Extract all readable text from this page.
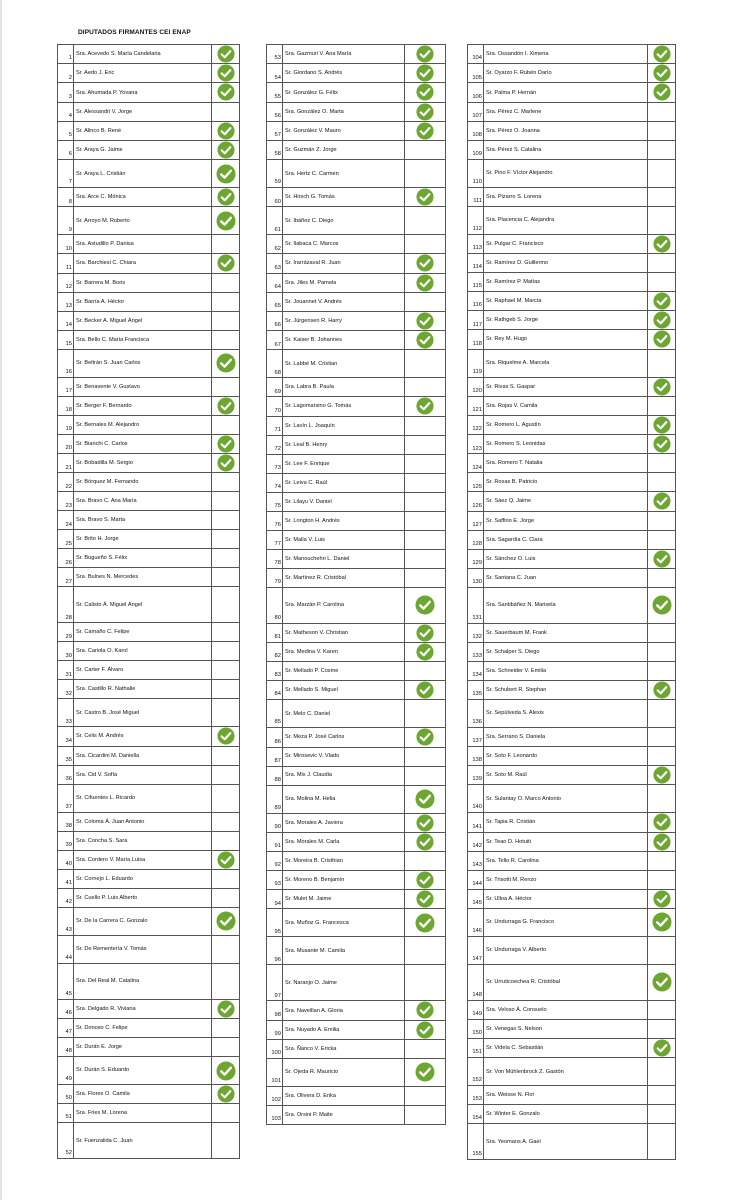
DIPUTADOS FIRMANTES CEI ENAP
1	Sra. Acevedo S. María Candelaria	
2	Sr. Aedo J. Eric	
3	Sra. Ahumada P. Yovana	
4	Sr. Alessandri V. Jorge	
5	Sr. Alinco B. René	
6	Sr. Araya G. Jaime	
7	Sr. Araya L. Cristián	
8	Sra. Arce C. Mónica	
9	Sr. Arroyo M. Roberto	
10	Sra. Astudillo P. Danisa	
11	Sra. Barchiesi C. Chiara	
12	Sr. Barrera M. Boris	
13	Sr. Barría A. Héctor	
14	Sr. Becker A. Miguel Ángel	
15	Sra. Bello C. María Francisca	
16	Sr. Beltrán S. Juan Carlos	
17	Sr. Benavente V. Gustavo	
18	Sr. Berger F. Bernardo	
19	Sr. Bernales M. Alejandro	
20	Sr. Bianchi C. Carlos	
21	Sr. Bobadilla M. Sergio	
22	Sr. Bórquez M. Fernando	
23	Sra. Bravo C. Ana María	
24	Sra. Bravo S. Marta	
25	Sr. Brito H. Jorge	
26	Sr. Bugueño S. Félix	
27	Sra. Bulnes N. Mercedes	
28	Sr. Calisto Á. Miguel Ángel	
29	Sr. Camaño C. Felipe	
30	Sra. Cariola O. Karol	
31	Sr. Carter F. Álvaro	
32	Sra. Castillo R. Nathalie	
33	Sr. Castro B. José Miguel	
34	Sr. Celis M. Andrés	
35	Sra. Cicardini M. Daniella	
36	Sra. Cid V. Sofía	
37	Sr. Cifuentes L. Ricardo	
38	Sr. Coloma Á. Juan Antonio	
39	Sra. Concha S. Sara	
40	Sra. Cordero V. María Luisa	
41	Sr. Cornejo L. Eduardo	
42	Sr. Cuello P. Luis Alberto	
43	Sr. De la Carrera C. Gonzalo	
44	Sr. De Rementería V. Tomás	
45	Sra. Del Real M. Catalina	
46	Sra. Delgado R. Viviana	
47	Sr. Donoso C. Felipe	
48	Sr. Durán E. Jorge	
49	Sr. Durán S. Eduardo	
50	Sra. Flores O. Camila	
51	Sra. Fries M. Lorena	
52	Sr. Fuenzalida C. Juan	
53	Sra. Gazmuri V. Ana María	
54	Sr. Giordano S. Andrés	
55	Sr. González G. Félix	
56	Sra. González O. Marta	
57	Sr. González V. Mauro	
58	Sr. Guzmán Z. Jorge	
59	Sra. Hertz C. Carmen	
60	Sr. Hirsch G. Tomás	
61	Sr. Ibáñez C. Diego	
62	Sr. Ilabaca C. Marcos	
63	Sr. Irarrázaval R. Juan	
64	Sra. Jiles M. Pamela	
65	Sr. Jouannet V. Andrés	
66	Sr. Jürgensen R. Harry	
67	Sr. Kaiser B. Johannes	
68	Sr. Labbé M. Cristian	
69	Sra. Labra B. Paula	
70	Sr. Lagomarsino G. Tomás	
71	Sr. Lavín L. Joaquín	
72	Sr. Leal B. Henry	
73	Sr. Lee F. Enrique	
74	Sr. Leiva C. Raúl	
75	Sr. Lilayu V. Daniel	
76	Sr. Longton H. Andrés	
77	Sr. Malla V. Luis	
78	Sr. Manouchehri L. Daniel	
79	Sr. Martínez R. Cristóbal	
80	Sra. Marzán P. Carolina	
81	Sr. Matheson V. Christian	
82	Sra. Medina V. Karen	
83	Sr. Mellado P. Cosme	
84	Sr. Mellado S. Miguel	
85	Sr. Melo C. Daniel	
86	Sr. Meza P. José Carlos	
87	Sr. Mirosevic V. Vlado	
88	Sra. Mix J. Claudia	
89	Sra. Molina M. Helia	
90	Sra. Morales A. Javiera	
91	Sra. Morales M. Carla	
92	Sr. Moreira B. Cristhian	
93	Sr. Moreno B. Benjamín	
94	Sr. Mulet M. Jaime	
95	Sra. Muñoz G. Francesca	
96	Sra. Musante M. Camila	
97	Sr. Naranjo O. Jaime	
98	Sra. Naveillan A. Gloria	
99	Sra. Nuyado A. Emilia	
100	Sra. Ñanco V. Ericka	
101	Sr. Ojeda R. Mauricio	
102	Sra. Olivera D. Erika	
103	Sra. Orsini P. Maite	
104	Sra. Ossandón I. Ximena	
105	Sr. Oyarzo F. Rubén Darío	
106	Sr. Palma P. Hernán	
107	Sra. Pérez C. Marlene	
108	Sra. Pérez O. Joanna	
109	Sra. Pérez S. Catalina	
110	Sr. Pino F. Víctor Alejandro	
111	Sra. Pizarro S. Lorena	
112	Sra. Placencia C. Alejandra	
113	Sr. Pulgar C. Francisco	
114	Sr. Ramírez D. Guillermo	
115	Sr. Ramírez P. Matías	
116	Sr. Raphael M. Marcia	
117	Sr. Rathgeb S. Jorge	
118	Sr. Rey M. Hugo	
119	Sra. Riquelme A. Marcela	
120	Sr. Rivas S. Gaspar	
121	Sra. Rojas V. Camila	
122	Sr. Romero L. Agustín	
123	Sr. Romero S. Leonidas	
124	Sra. Romero T. Natalia	
125	Sr. Rosas B. Patricio	
126	Sr. Sáez Q. Jaime	
127	Sr. Saffirio E. Jorge	
128	Sra. Sagardía C. Clara	
129	Sr. Sánchez O. Luis	
130	Sr. Santana C. Juan	
131	Sra. Santibáñez N. Marisela	
132	Sr. Sauerbaum M. Frank	
133	Sr. Schalper S. Diego	
134	Sra. Schneider V. Emilia	
135	Sr. Schubert R. Stephan	
136	Sr. Sepúlveda S. Alexis	
137	Sra. Serrano S. Daniela	
138	Sr. Soto F. Leonardo	
139	Sr. Soto M. Raúl	
140	Sr. Sulantay O. Marco Antonio	
141	Sr. Tapia R. Cristián	
142	Sr. Teao D. Hotuiti	
143	Sra. Tello R. Carolina	
144	Sr. Trisotti M. Renzo	
145	Sr. Ulloa A. Héctor	
146	Sr. Undurraga G. Francisco	
147	Sr. Undurraga V. Alberto	
148	Sr. Urruticoechea R. Cristóbal	
149	Sra. Veloso Á. Consuelo	
150	Sr. Venegas S. Nelson	
151	Sr. Videla C. Sebastián	
152	Sr. Von Mühlenbrock Z. Gastón	
153	Sra. Weisse N. Flor	
154	Sr. Winter E. Gonzalo	
155	Sra. Yeomans A. Gael	
